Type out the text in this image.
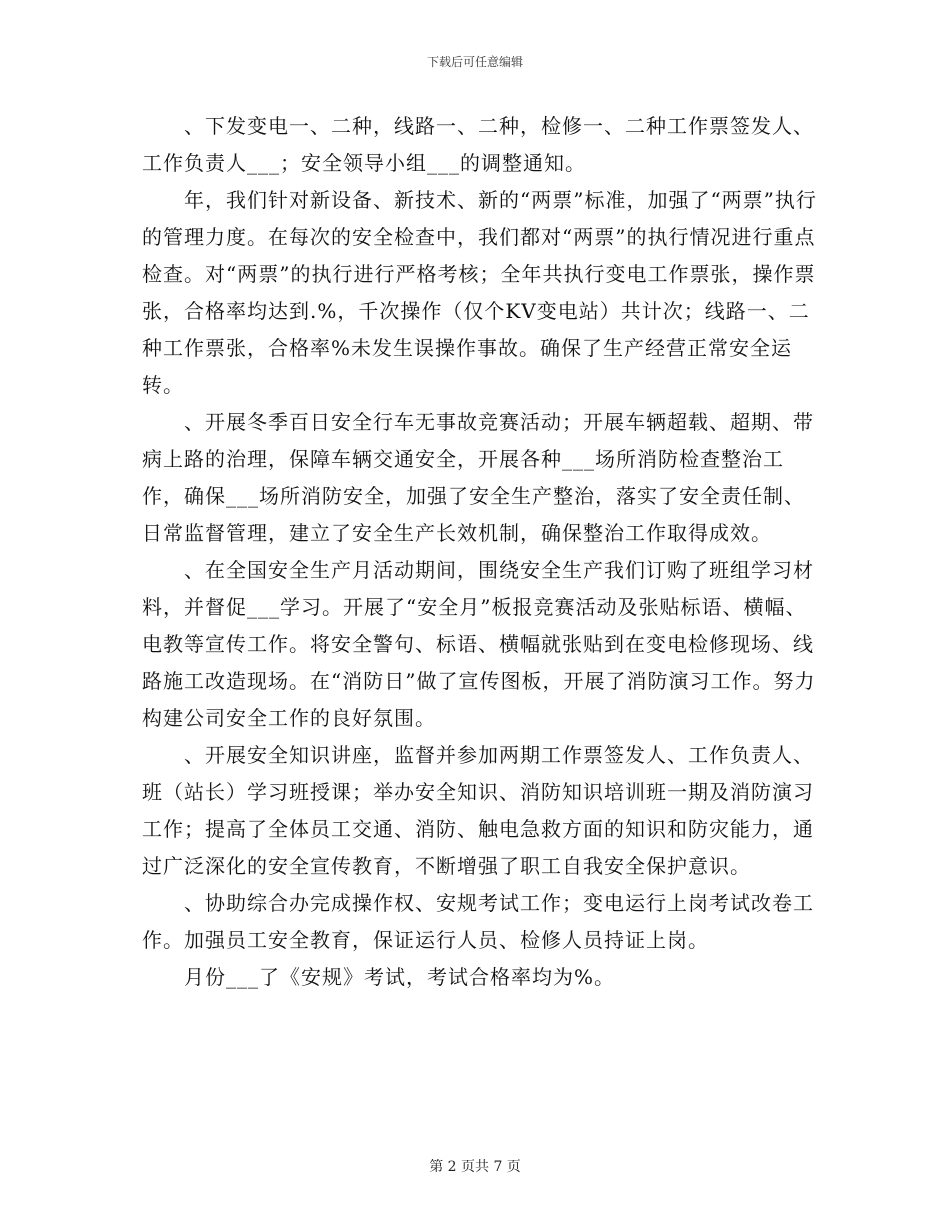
下载后可任意编辑

、下发变电一、二种，线路一、二种，检修一、二种工作票签发人、工作负责人___；安全领导小组___的调整通知。

年，我们针对新设备、新技术、新的“两票”标准，加强了“两票”执行的管理力度。在每次的安全检查中，我们都对“两票”的执行情况进行重点检查。对“两票”的执行进行严格考核；全年共执行变电工作票张，操作票张，合格率均达到.%，千次操作（仅个KV变电站）共计次；线路一、二种工作票张，合格率%未发生误操作事故。确保了生产经营正常安全运转。

、开展冬季百日安全行车无事故竞赛活动；开展车辆超载、超期、带病上路的治理，保障车辆交通安全，开展各种___场所消防检查整治工作，确保___场所消防安全，加强了安全生产整治，落实了安全责任制、日常监督管理，建立了安全生产长效机制，确保整治工作取得成效。

、在全国安全生产月活动期间，围绕安全生产我们订购了班组学习材料，并督促___学习。开展了“安全月”板报竞赛活动及张贴标语、横幅、电教等宣传工作。将安全警句、标语、横幅就张贴到在变电检修现场、线路施工改造现场。在“消防日”做了宣传图板，开展了消防演习工作。努力构建公司安全工作的良好氛围。

、开展安全知识讲座，监督并参加两期工作票签发人、工作负责人、班（站长）学习班授课；举办安全知识、消防知识培训班一期及消防演习工作；提高了全体员工交通、消防、触电急救方面的知识和防灾能力，通过广泛深化的安全宣传教育，不断增强了职工自我安全保护意识。

、协助综合办完成操作权、安规考试工作；变电运行上岗考试改卷工作。加强员工安全教育，保证运行人员、检修人员持证上岗。

月份___了《安规》考试，考试合格率均为%。

第 2 页共 7 页
